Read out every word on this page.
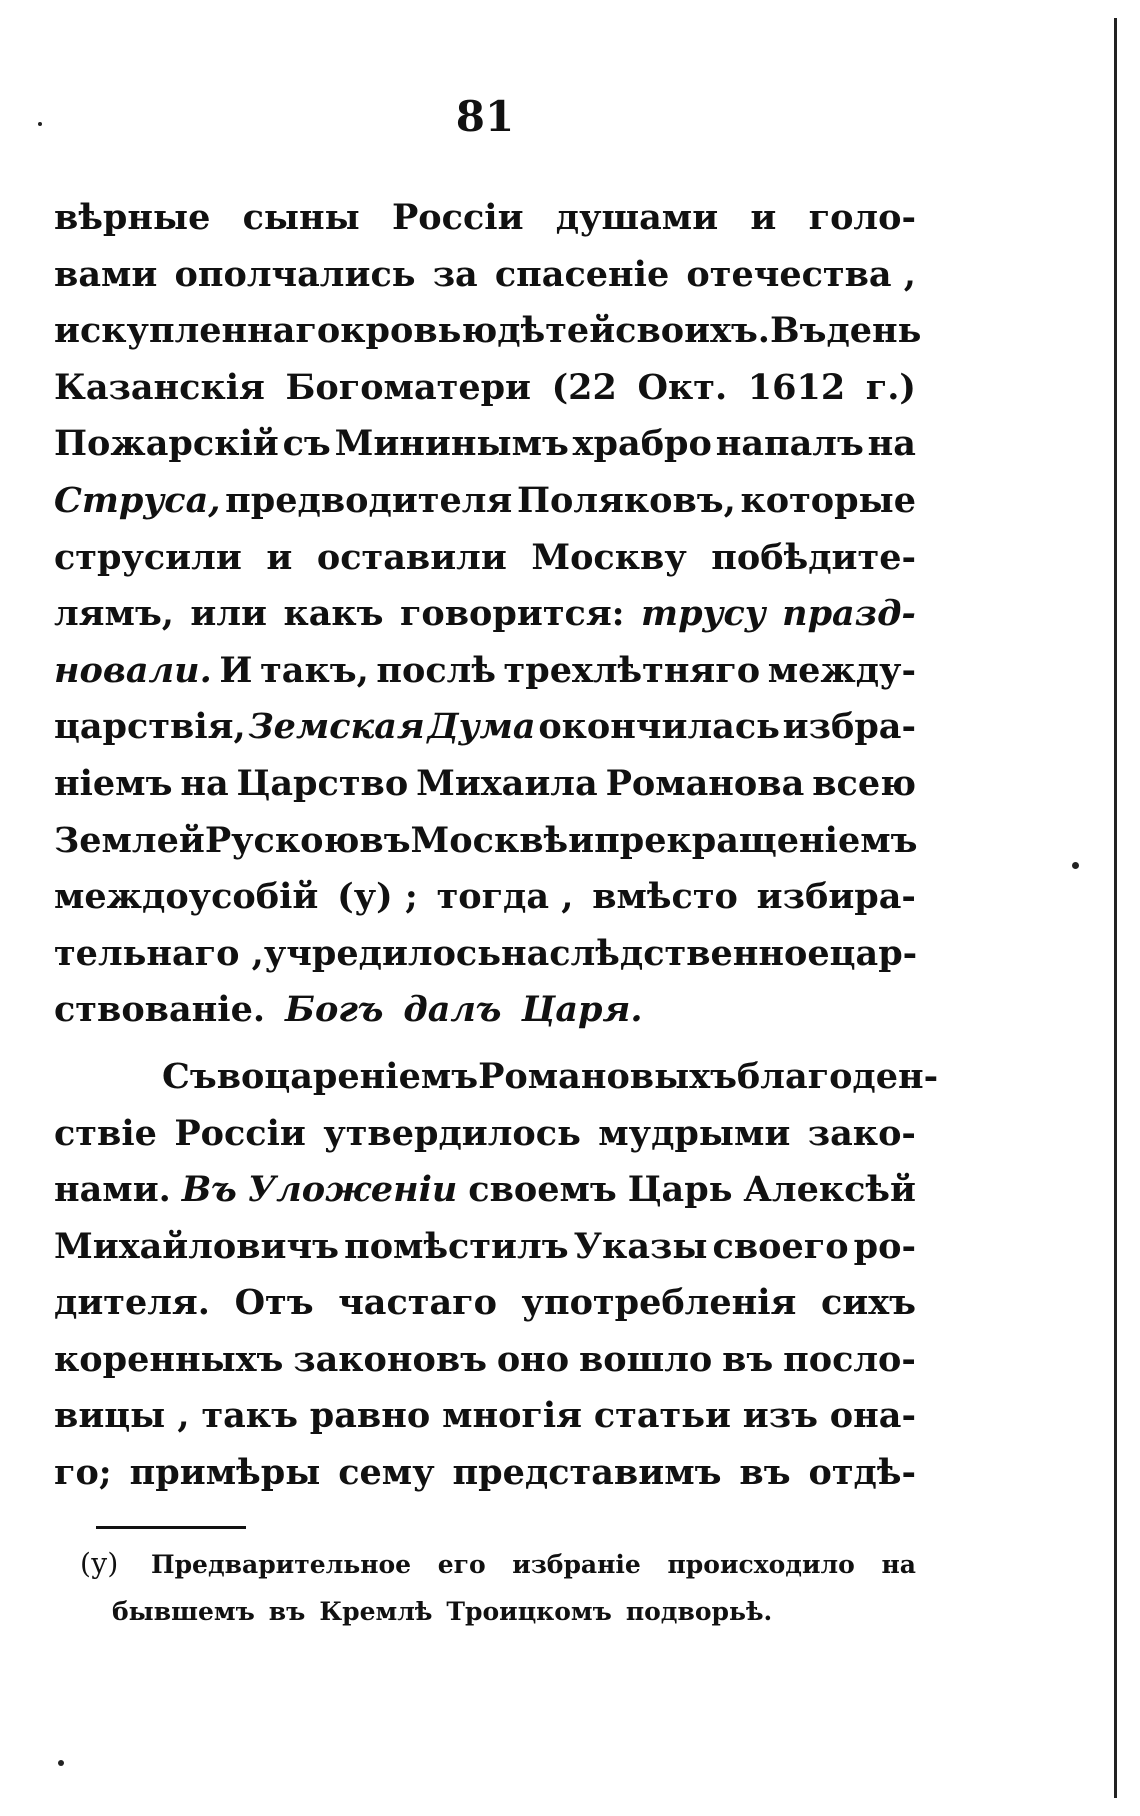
81
вѣрные сыны Россіи душами и голо-
вами ополчались за спасеніе отечества ,
искупленнаго кровью дѣтей своихъ. Въ день
Казанскія Богоматери (22 Окт. 1612 г.)
Пожарскій съ Мининымъ храбро напалъ на
Струса, предводителя Поляковъ, которые
струсили и оставили Москву побѣдите-
лямъ, или какъ говорится: трусу празд-
новали. И такъ, послѣ трехлѣтняго между-
царствія, Земская Дума окончилась избра-
ніемъ на Царство Михаила Романова всею
Землей Рускою въ Москвѣ и прекращеніемъ
междоусобій (у) ; тогда , вмѣсто избира-
тельнаго , учредилось наслѣдственное цар-
ствованіе. Богъ далъ Царя.
Съ воцареніемъ Романовыхъ благоден-
ствіе Россіи утвердилось мудрыми зако-
нами. Въ Уложеніи своемъ Царь Алексѣй
Михайловичъ помѣстилъ Указы своего ро-
дителя. Отъ частаго употребленія сихъ
коренныхъ законовъ оно вошло въ посло-
вицы , такъ равно многія статьи изъ она-
го; примѣры сему представимъ въ отдѣ-
(у) Предварительное его избраніе происходило на
бывшемъ въ Кремлѣ Троицкомъ подворьѣ.
